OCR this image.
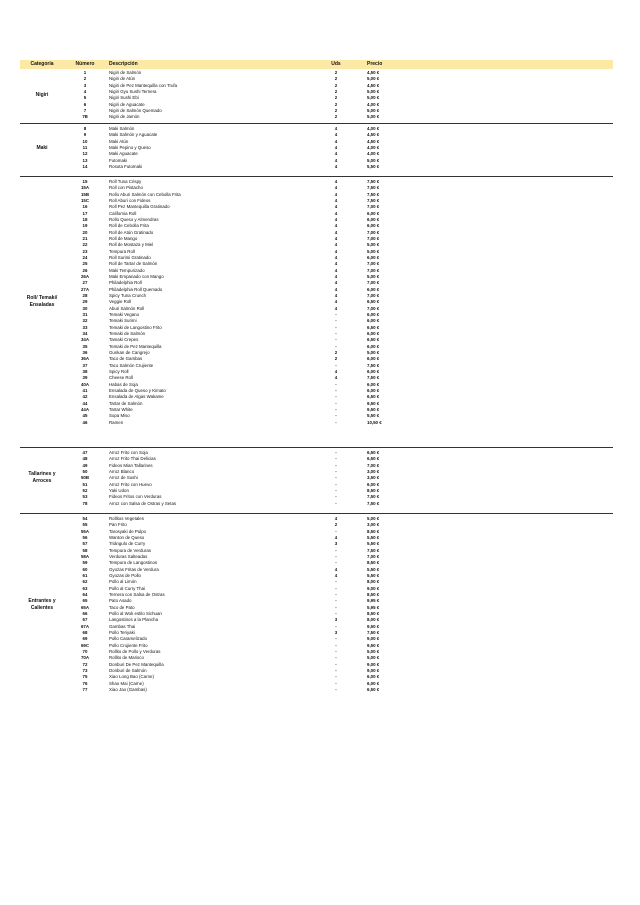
Categoría	Número	Descripción	Uds	Precio
Nigiri
1	Nigiri de Salmón	2	4,50 €
2	Nigiri de Atún	2	5,00 €
3	Nigiri de Pez Mantequilla con Trufa	2	4,50 €
4	Nigiri Gyu Sushi Ternera	2	5,00 €
5	Nigiri Sushi Ebi	2	5,00 €
6	Nigiri de Aguacate	2	4,00 €
7	Nigiri de Salmón Quemado	2	5,00 €
7B	Nigiri de Jamón	2	5,00 €
Maki
8	Maki Salmón	4	4,00 €
9	Maki Salmón y Aguacate	4	4,50 €
10	Maki Atún	4	4,50 €
11	Maki Pepino y Queso	4	4,00 €
12	Maki Aguacate	4	4,00 €
13	Futomaki	4	5,00 €
14	Rosota Futomaki	4	5,50 €
Roll/ Temaki/ Ensaladas
15	Roll Tuna Crispy	4	7,50 €
15A	Roll con Pistacho	4	7,50 €
15B	Rollo Aburi Salmón con Cebolla Frita	4	7,50 €
15C	Roll Aburi con Fideos	4	7,50 €
16	Roll Pez Mantequilla Gratinado	4	7,00 €
17	California Roll	4	6,00 €
18	Rollo Queso y Almendras	4	6,00 €
19	Roll de Cebolla Frita	4	6,00 €
20	Roll de Atún Gratinado	4	7,00 €
21	Roll de Mango	4	7,00 €
22	Roll de Mostaza y Miel	4	5,00 €
23	Tempura Roll	4	5,00 €
24	Roll Surimi Gratinado	4	6,00 €
25	Roll de Tartar de Salmón	4	7,00 €
26	Maki Tempurizado	4	7,00 €
26A	Maki Empanado con Mango	4	5,00 €
27	Philadelphia Roll	4	7,00 €
27A	Philadelphia Roll Quemado	4	6,00 €
28	Spicy Tuna Crunch	4	7,00 €
29	Veggie Roll	4	6,50 €
30	Aburi Salmón Roll	4	7,00 €
31	Temaki Vegano	-	6,00 €
32	Temaki Surimi	-	6,00 €
33	Temaki de Langostino Frito	-	6,50 €
34	Temaki de Salmón	-	6,00 €
34A	Tamaki Crepes	-	6,50 €
35	Temaki de Pez Mantequilla	-	6,00 €
36	Gunkan de Cangrejo	2	5,00 €
36A	Taco de Gambas	2	6,00 €
37	Taco Salmón Crujiente	-	7,50 €
38	Spicy Roll	4	6,00 €
39	Cheese Roll	4	7,50 €
40A	Habas de Soja	-	6,00 €
41	Ensalada de Queso y Kimato	-	6,00 €
42	Ensalada de Algas Wakame	-	6,50 €
44	Tartar de Salmón	-	9,50 €
44A	Tartar White	-	9,50 €
45	Sopa Miso	-	5,50 €
46	Ramen	-	10,50 €
Tallarines y Arroces
47	Arroz Frito con Soja	-	6,50 €
48	Arroz Frito Thai Delicias	-	6,50 €
49	Fideos Mian Tallarines	-	7,00 €
50	Arroz Blanco	-	3,00 €
50B	Arroz de Sushi	-	3,50 €
51	Arroz Frito con Huevo	-	6,00 €
52	Yaki Udon	-	8,50 €
53	Fideos Fritos con Verduras	-	7,50 €
78	Arroz con Salsa de Ostras y Setas	-	7,50 €
Entrantes y Calientes
54	Rollitos Vegetales	4	5,00 €
55	Pan Frito	2	3,00 €
55A	Tarosyaki de Pulpo	-	8,50 €
56	Wanton de Queso	4	5,50 €
57	Triángulo de Curry	3	5,50 €
58	Tempura de Verduras	-	7,50 €
58A	Verduras Salteadas	-	7,00 €
59	Tempura de Langostinos	-	8,50 €
60	Gyozas Fritas de Verdura	4	5,50 €
61	Gyozas de Pollo	4	5,50 €
62	Pollo al Limón	-	8,00 €
63	Pollo al Curry Thai	-	9,00 €
64	Ternera con Salsa de Ostras	-	8,50 €
65	Pato Asado	-	9,95 €
65A	Taco de Pato	-	5,95 €
66	Pollo al Wok estilo Sichuan	-	8,50 €
67	Langostinos a la Plancha	3	8,00 €
67A	Gambas Thai	-	9,50 €
68	Pollo Teriyaki	3	7,50 €
69	Pollo Caramelizado	-	9,00 €
69C	Pollo Crujiente Frito	-	9,50 €
70	Rollito de Pollo y Verduras	-	5,00 €
70A	Rollito de Marisco	-	5,00 €
72	Donburi De Pez Mantequilla	-	9,00 €
73	Donburi de Salmón	-	9,00 €
75	Xiao Long Bao (Carne)	-	6,00 €
76	Shao Mai (Carne)	-	6,00 €
77	Xiao Jao (Gambas)	-	6,50 €
